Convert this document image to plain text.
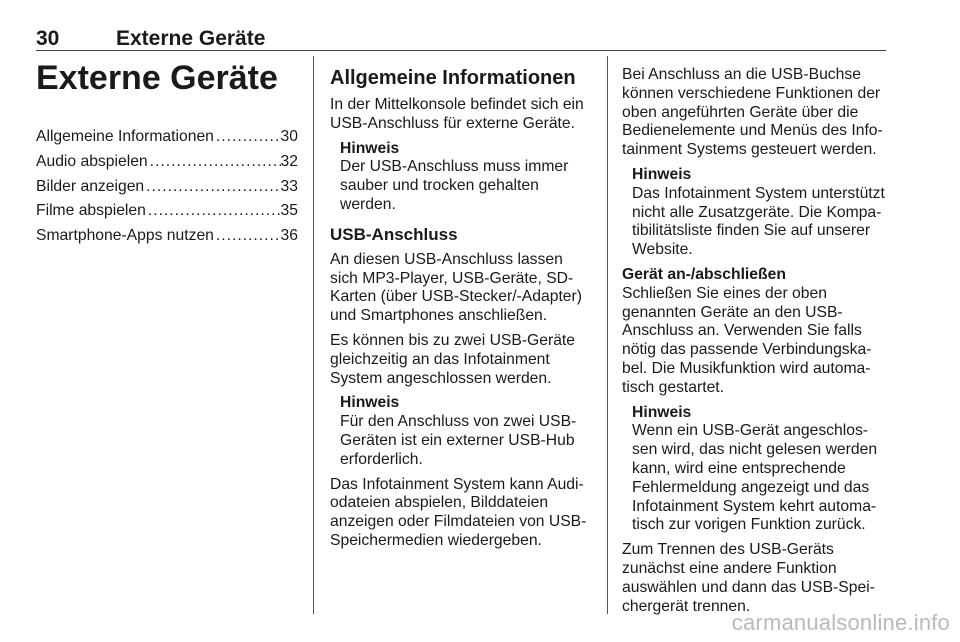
30	Externe Geräte
Externe Geräte
Allgemeine Informationen .....	30
Audio abspielen .....	32
Bilder anzeigen .....	33
Filme abspielen .....	35
Smartphone-Apps nutzen .....	36
Allgemeine Informationen

In der Mittelkonsole befindet sich ein
USB-Anschluss für externe Geräte.

Hinweis
Der USB-Anschluss muss immer
sauber und trocken gehalten
werden.
USB-Anschluss

An diesen USB-Anschluss lassen
sich MP3-Player, USB-Geräte, SD-
Karten (über USB-Stecker/-Adapter)
und Smartphones anschließen.

Es können bis zu zwei USB-Geräte
gleichzeitig an das Infotainment
System angeschlossen werden.

Hinweis
Für den Anschluss von zwei USB-
Geräten ist ein externer USB-Hub
erforderlich.

Das Infotainment System kann Audi-
odateien abspielen, Bilddateien
anzeigen oder Filmdateien von USB-
Speichermedien wiedergeben.

Bei Anschluss an die USB-Buchse
können verschiedene Funktionen der
oben angeführten Geräte über die
Bedienelemente und Menüs des Info-
tainment Systems gesteuert werden.

Hinweis
Das Infotainment System unterstützt
nicht alle Zusatzgeräte. Die Kompa-
tibilitätsliste finden Sie auf unserer
Website.
Gerät an-/abschließen

Schließen Sie eines der oben
genannten Geräte an den USB-
Anschluss an. Verwenden Sie falls
nötig das passende Verbindungska-
bel. Die Musikfunktion wird automa-
tisch gestartet.

Hinweis
Wenn ein USB-Gerät angeschlos-
sen wird, das nicht gelesen werden
kann, wird eine entsprechende
Fehlermeldung angezeigt und das
Infotainment System kehrt automa-
tisch zur vorigen Funktion zurück.

Zum Trennen des USB-Geräts
zunächst eine andere Funktion
auswählen und dann das USB-Spei-
chergerät trennen.

carmanualsonline.info
